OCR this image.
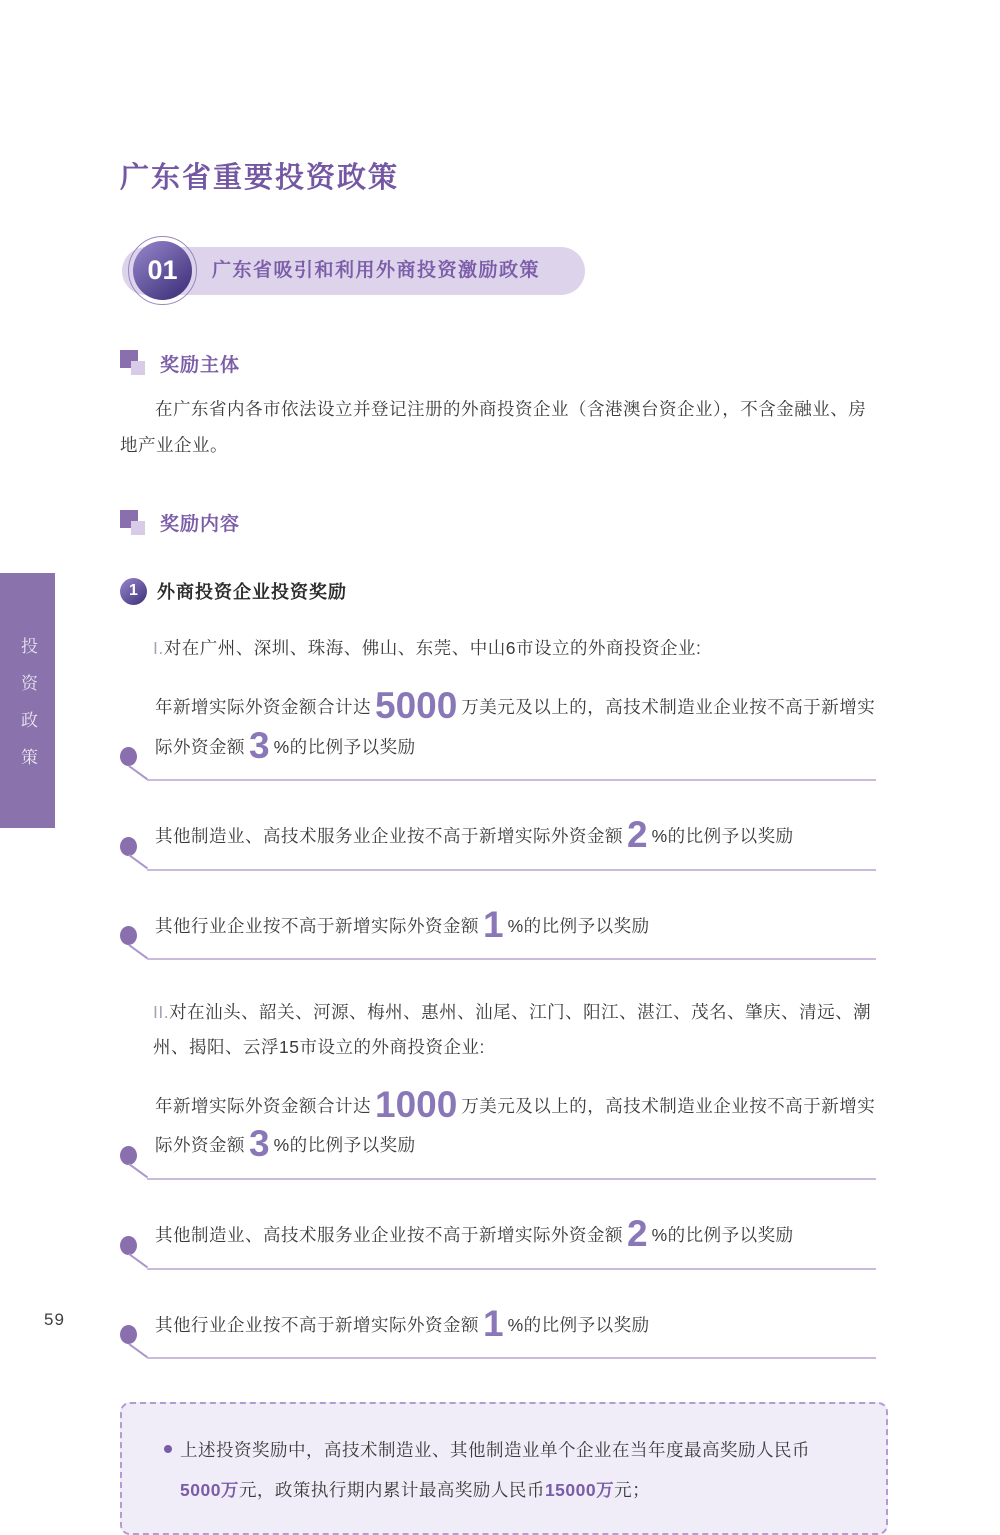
投资政策
广东省重要投资政策
01 广东省吸引和利用外商投资激励政策
奖励主体

在广东省内各市依法设立并登记注册的外商投资企业（含港澳台资企业），不含金融业、房地产业企业。

奖励内容
1 外商投资企业投资奖励

I.对在广州、深圳、珠海、佛山、东莞、中山6市设立的外商投资企业:

年新增实际外资金额合计达 5000 万美元及以上的，高技术制造业企业按不高于新增实际外资金额 3 %的比例予以奖励
其他制造业、高技术服务业企业按不高于新增实际外资金额 2 %的比例予以奖励
其他行业企业按不高于新增实际外资金额 1 %的比例予以奖励

II.对在汕头、韶关、河源、梅州、惠州、汕尾、江门、阳江、湛江、茂名、肇庆、清远、潮州、揭阳、云浮15市设立的外商投资企业:

年新增实际外资金额合计达 1000 万美元及以上的，高技术制造业企业按不高于新增实际外资金额 3 %的比例予以奖励
其他制造业、高技术服务业企业按不高于新增实际外资金额 2 %的比例予以奖励
其他行业企业按不高于新增实际外资金额 1 %的比例予以奖励
上述投资奖励中，高技术制造业、其他制造业单个企业在当年度最高奖励人民币5000万元，政策执行期内累计最高奖励人民币15000万元；
59
